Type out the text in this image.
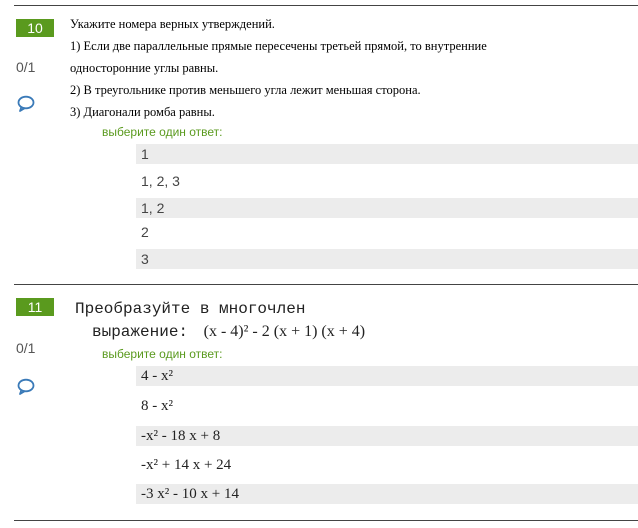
10
0/1
Укажите номера верных утверждений.
1) Если две параллельные прямые пересечены третьей прямой, то внутренние
односторонние углы равны.
2) В треугольнике против меньшего угла лежит меньшая сторона.
3) Диагонали ромба равны.
выберите один ответ:
1
1, 2, 3
1, 2
2
3
11
0/1
Преобразуйте в многочлен
выражение: (x - 4)² - 2 (x + 1) (x + 4)
выберите один ответ:
4 - x²
8 - x²
-x² - 18 x + 8
-x² + 14 x + 24
-3 x² - 10 x + 14
